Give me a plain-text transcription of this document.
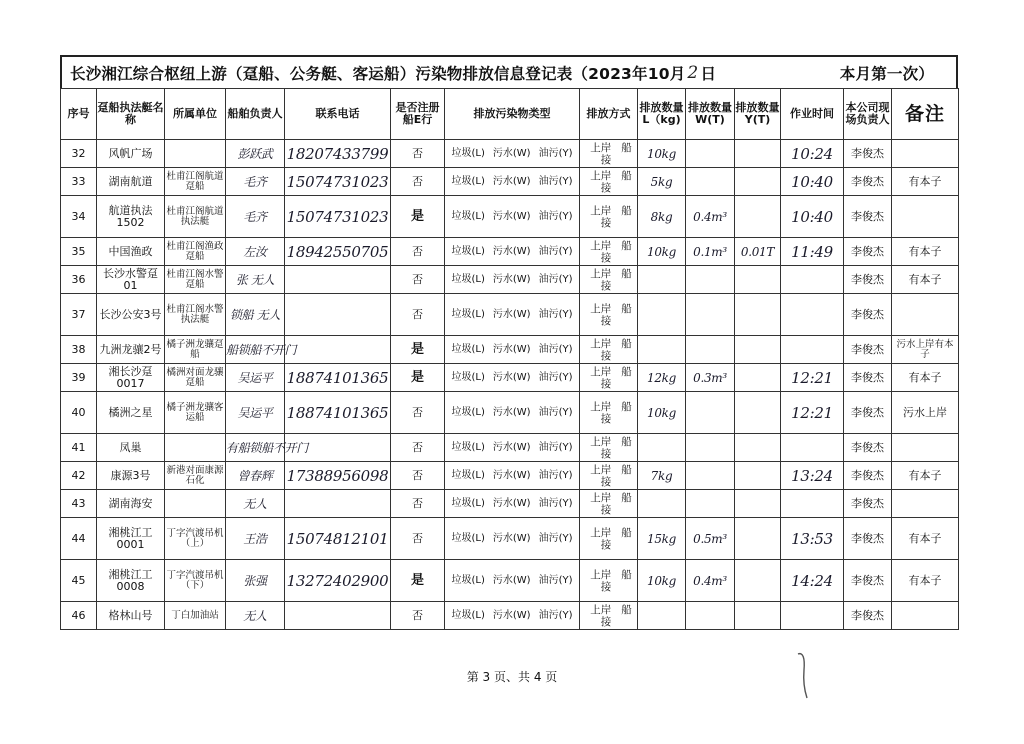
长沙湘江综合枢纽上游（趸船、公务艇、客运船）污染物排放信息登记表（2023年10月 2 日	本月第一次）
序号	趸船执法艇名称	所属单位	船舶负责人	联系电话	是否注册船E行	排放污染物类型	排放方式	排放数量L（kg)	排放数量W(T)	排放数量Y(T)	作业时间	本公司现场负责人	备注
32	风帆广场		彭跃武	18207433799	否	垃圾(L) 污水(W) 油污(Y)	上岸 船接	10kg			10:24	李俊杰	
33	湖南航道	杜甫江阁航道趸船	毛齐	15074731023	否	垃圾(L) 污水(W) 油污(Y)	上岸 船接	5kg			10:40	李俊杰	有本子
34	航道执法1502	杜甫江阁航道执法艇	毛齐	15074731023	是	垃圾(L) 污水(W) 油污(Y)	上岸 船接	8kg	0.4m³		10:40	李俊杰	
35	中国渔政	杜甫江阁渔政趸船	左汝	18942550705	否	垃圾(L) 污水(W) 油污(Y)	上岸 船接	10kg	0.1m³	0.01T	11:49	李俊杰	有本子
36	长沙水警趸01	杜甫江阁水警趸船	张 无人		否	垃圾(L) 污水(W) 油污(Y)	上岸 船接					李俊杰	有本子
37	长沙公安3号	杜甫江阁水警执法艇	锁船 无人		否	垃圾(L) 污水(W) 油污(Y)	上岸 船接					李俊杰	
38	九洲龙骧2号	橘子洲龙骧趸船	船锁船不开门		是	垃圾(L) 污水(W) 油污(Y)	上岸 船接					李俊杰	污水上岸有本子
39	湘长沙趸0017	橘洲对面龙骧趸船	吴运平	18874101365	是	垃圾(L) 污水(W) 油污(Y)	上岸 船接	12kg	0.3m³		12:21	李俊杰	有本子
40	橘洲之星	橘子洲龙骧客运船	吴运平	18874101365	否	垃圾(L) 污水(W) 油污(Y)	上岸 船接	10kg			12:21	李俊杰	污水上岸
41	凤巢		有船锁船不开门		否	垃圾(L) 污水(W) 油污(Y)	上岸 船接					李俊杰	
42	康源3号	新港对面康源石化	曾春辉	17388956098	否	垃圾(L) 污水(W) 油污(Y)	上岸 船接	7kg			13:24	李俊杰	有本子
43	湖南海安		无人		否	垃圾(L) 污水(W) 油污(Y)	上岸 船接					李俊杰	
44	湘桃江工0001	丁字汽渡吊机（上）	王浩	15074812101	否	垃圾(L) 污水(W) 油污(Y)	上岸 船接	15kg	0.5m³		13:53	李俊杰	有本子
45	湘桃江工0008	丁字汽渡吊机（下）	张强	13272402900	是	垃圾(L) 污水(W) 油污(Y)	上岸 船接	10kg	0.4m³		14:24	李俊杰	有本子
46	格林山号	丁白加油站	无人		否	垃圾(L) 污水(W) 油污(Y)	上岸 船接					李俊杰	
第 3 页、共 4 页
